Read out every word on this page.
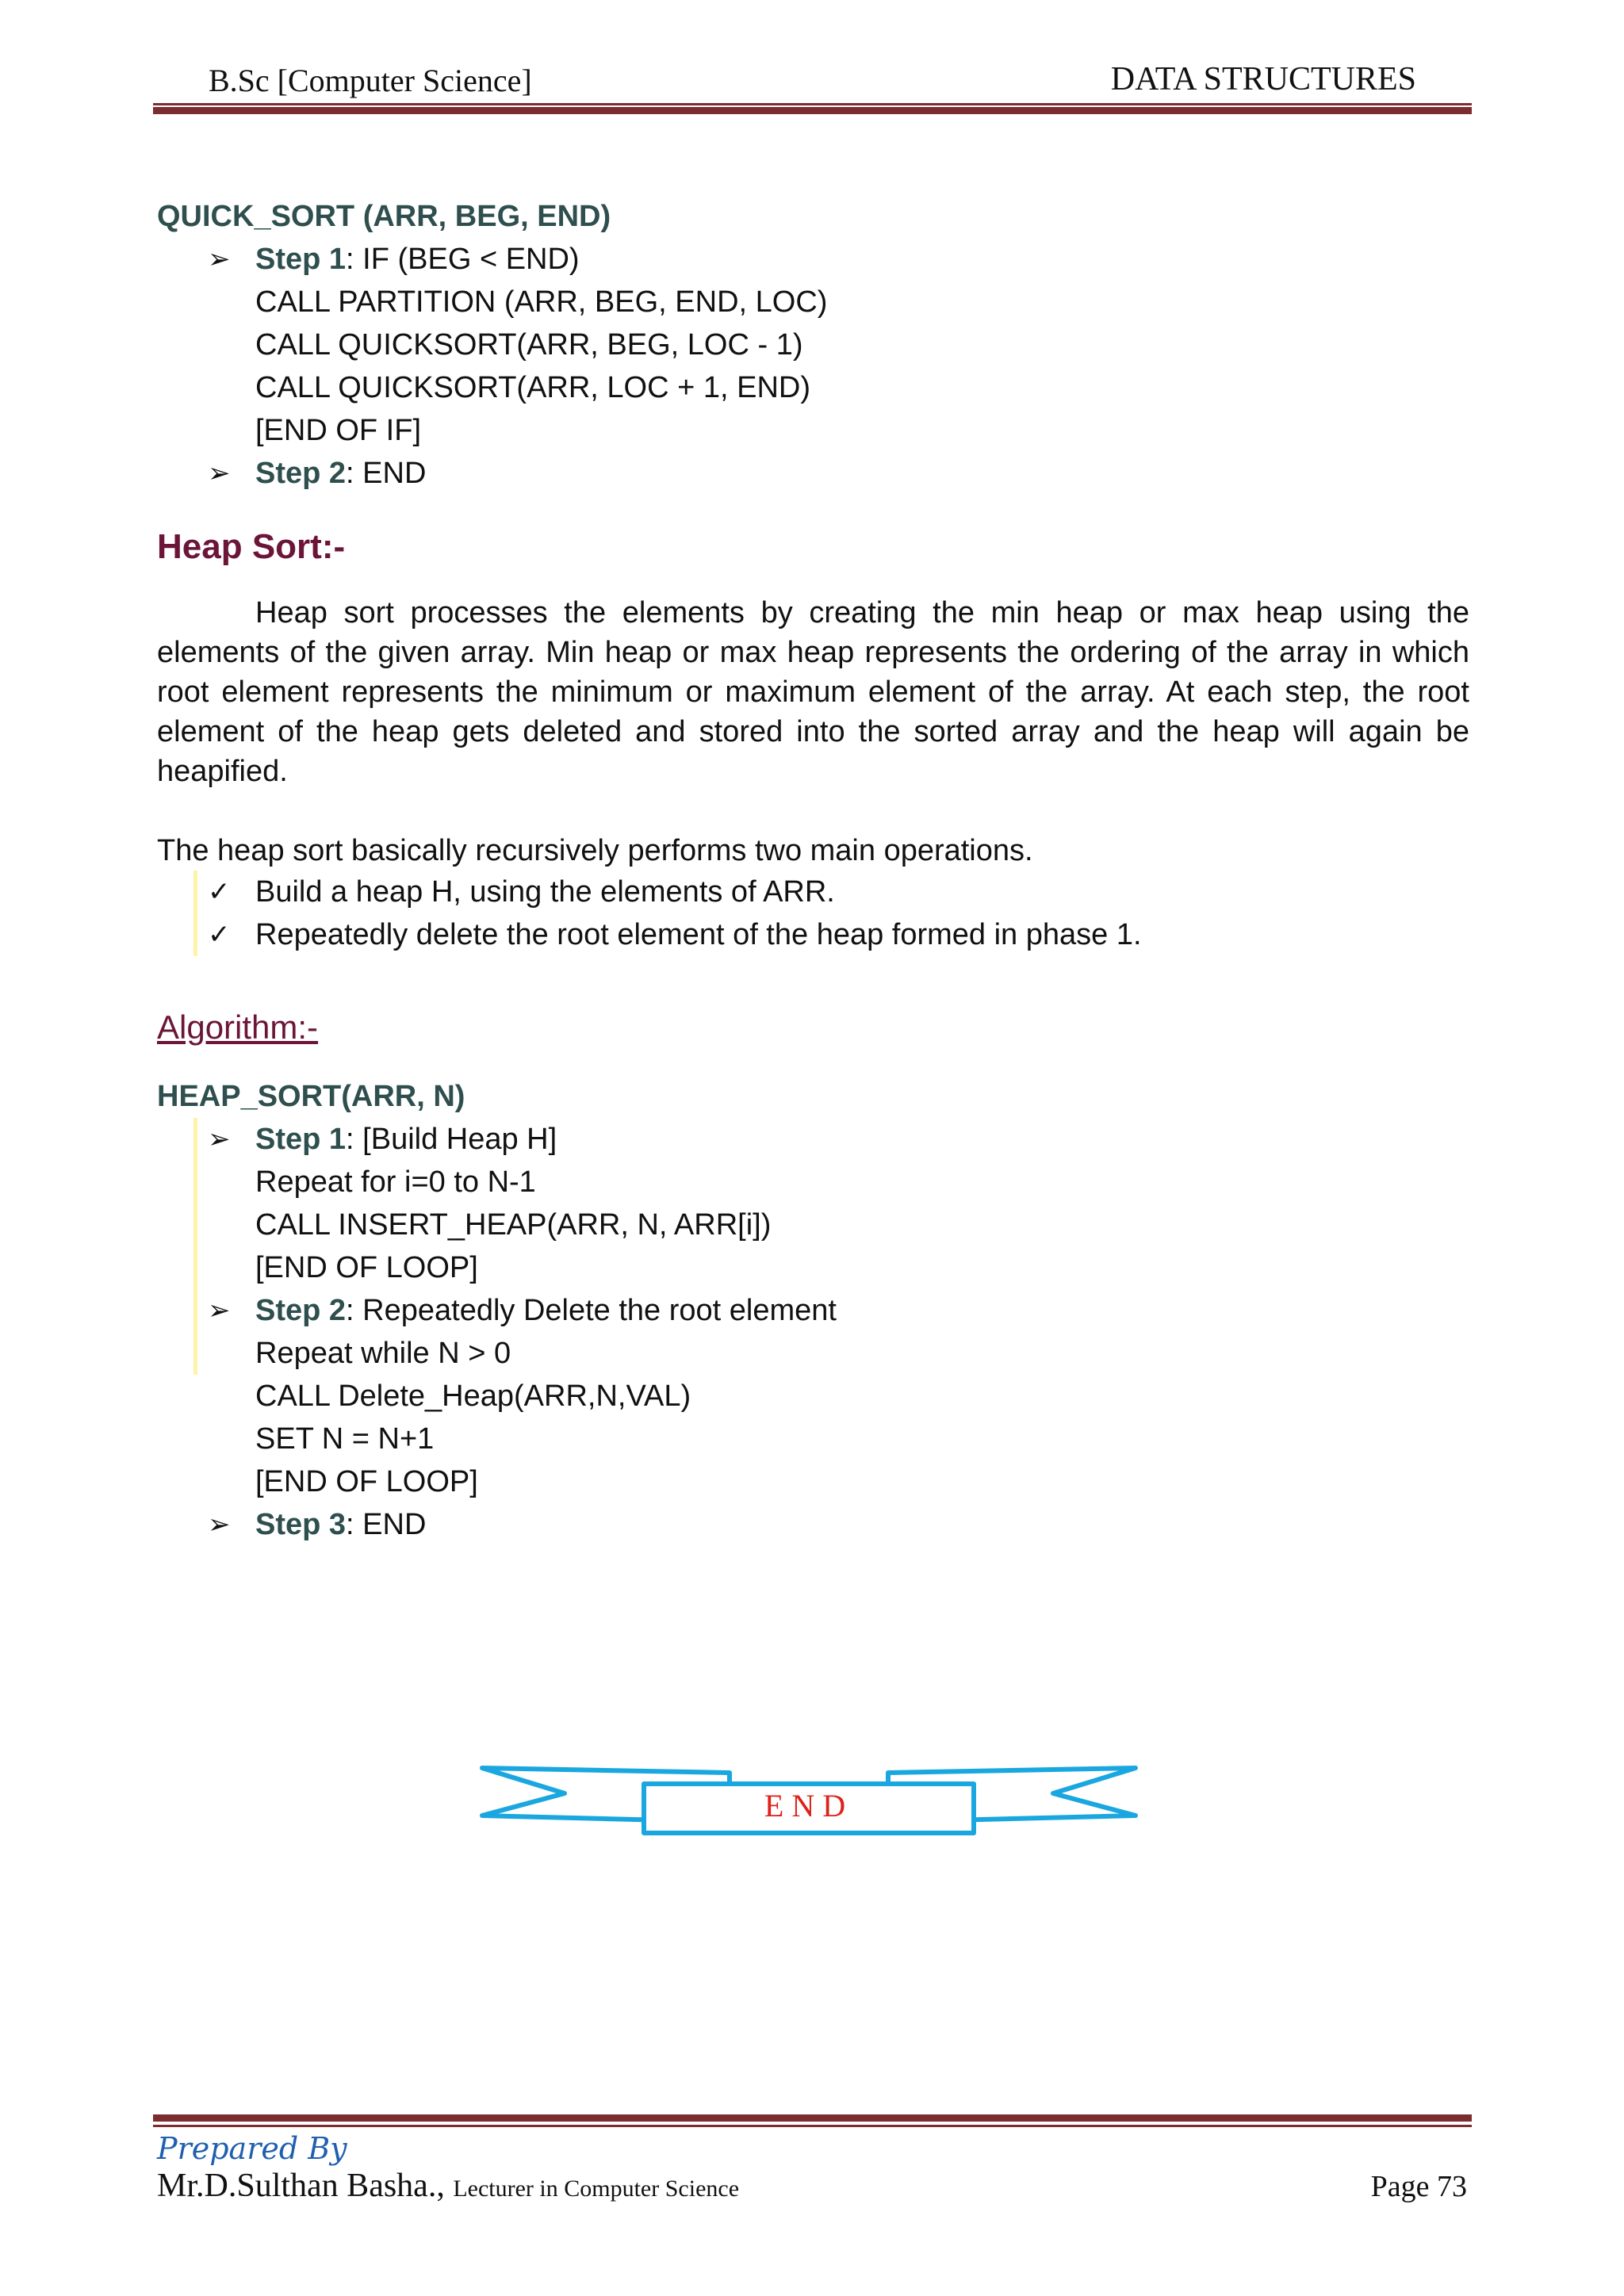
B.Sc [Computer Science]	DATA STRUCTURES

QUICK_SORT (ARR, BEG, END)

➢ Step 1: IF (BEG < END)
CALL PARTITION (ARR, BEG, END, LOC)
CALL QUICKSORT(ARR, BEG, LOC - 1)
CALL QUICKSORT(ARR, LOC + 1, END)
[END OF IF]
➢ Step 2: END

Heap Sort:-

Heap sort processes the elements by creating the min heap or max heap using the elements of the given array. Min heap or max heap represents the ordering of the array in which root element represents the minimum or maximum element of the array. At each step, the root element of the heap gets deleted and stored into the sorted array and the heap will again be heapified.

The heap sort basically recursively performs two main operations.

✓ Build a heap H, using the elements of ARR.
✓ Repeatedly delete the root element of the heap formed in phase 1.

Algorithm:-

HEAP_SORT(ARR, N)

➢ Step 1: [Build Heap H]
Repeat for i=0 to N-1
CALL INSERT_HEAP(ARR, N, ARR[i])
[END OF LOOP]
➢ Step 2: Repeatedly Delete the root element
Repeat while N > 0
CALL Delete_Heap(ARR,N,VAL)
SET N = N+1
[END OF LOOP]
➢ Step 3: END
END
Prepared By
Mr.D.Sulthan Basha., Lecturer in Computer Science	Page 73
